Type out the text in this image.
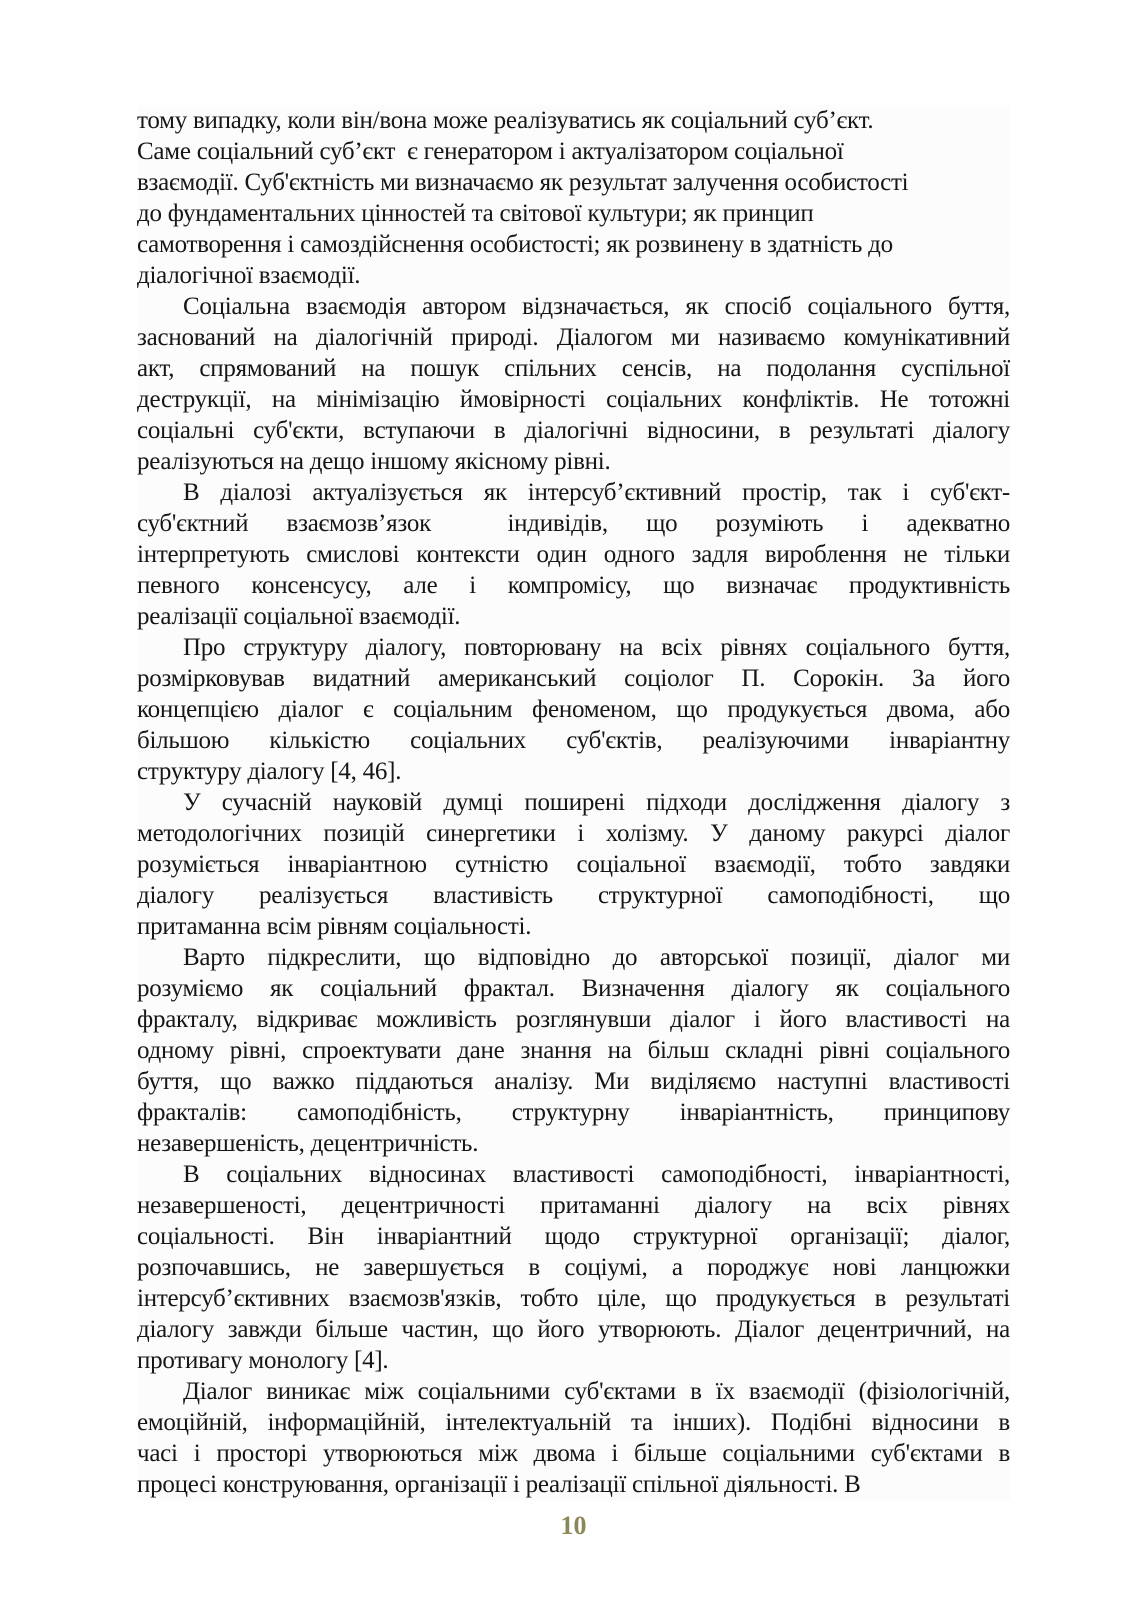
тому випадку, коли він/вона може реалізуватись як соціальний суб’єкт.
Саме соціальний суб’єкт  є генератором і актуалізатором соціальної
взаємодії. Суб'єктність ми визначаємо як результат залучення особистості
до фундаментальних цінностей та світової культури; як принцип
самотворення і самоздійснення особистості; як розвинену в здатність до
діалогічної взаємодії.
Соціальна взаємодія автором відзначається, як спосіб соціального буття,
заснований на діалогічній природі. Діалогом ми називаємо комунікативний
акт, спрямований на пошук спільних сенсів, на подолання суспільної
деструкції, на мінімізацію ймовірності соціальних конфліктів. Не тотожні
соціальні суб'єкти, вступаючи в діалогічні відносини, в результаті діалогу
реалізуються на дещо іншому якісному рівні.
В діалозі актуалізується як інтерсуб’єктивний простір, так і суб'єкт-
суб'єктний взаємозв’язок  індивідів, що розуміють і адекватно
інтерпретують смислові контексти один одного задля вироблення не тільки
певного консенсусу, але і компромісу, що визначає продуктивність
реалізації соціальної взаємодії.
Про структуру діалогу, повторювану на всіх рівнях соціального буття,
розмірковував видатний американський соціолог П. Сорокін. За його
концепцією діалог є соціальним феноменом, що продукується двома, або
більшою кількістю соціальних суб'єктів, реалізуючими інваріантну
структуру діалогу [4, 46].
У сучасній науковій думці поширені підходи дослідження діалогу з
методологічних позицій синергетики і холізму. У даному ракурсі діалог
розуміється інваріантною сутністю соціальної взаємодії, тобто завдяки
діалогу реалізується властивість структурної самоподібності, що
притаманна всім рівням соціальності.
Варто підкреслити, що відповідно до авторської позиції, діалог ми
розуміємо як соціальний фрактал. Визначення діалогу як соціального
фракталу, відкриває можливість розглянувши діалог і його властивості на
одному рівні, спроектувати дане знання на більш складні рівні соціального
буття, що важко піддаються аналізу. Ми виділяємо наступні властивості
фракталів: самоподібність, структурну інваріантність, принципову
незавершеність, децентричність.
В соціальних відносинах властивості самоподібності, інваріантності,
незавершеності, децентричності притаманні діалогу на всіх рівнях
соціальності. Він інваріантний щодо структурної організації; діалог,
розпочавшись, не завершується в соціумі, а породжує нові ланцюжки
інтерсуб’єктивних взаємозв'язків, тобто ціле, що продукується в результаті
діалогу завжди більше частин, що його утворюють. Діалог децентричний, на
противагу монологу [4].
Діалог виникає між соціальними суб'єктами в їх взаємодії (фізіологічній,
емоційній, інформаційній, інтелектуальній та інших). Подібні відносини в
часі і просторі утворюються між двома і більше соціальними суб'єктами в
процесі конструювання, організації і реалізації спільної діяльності. В
10
